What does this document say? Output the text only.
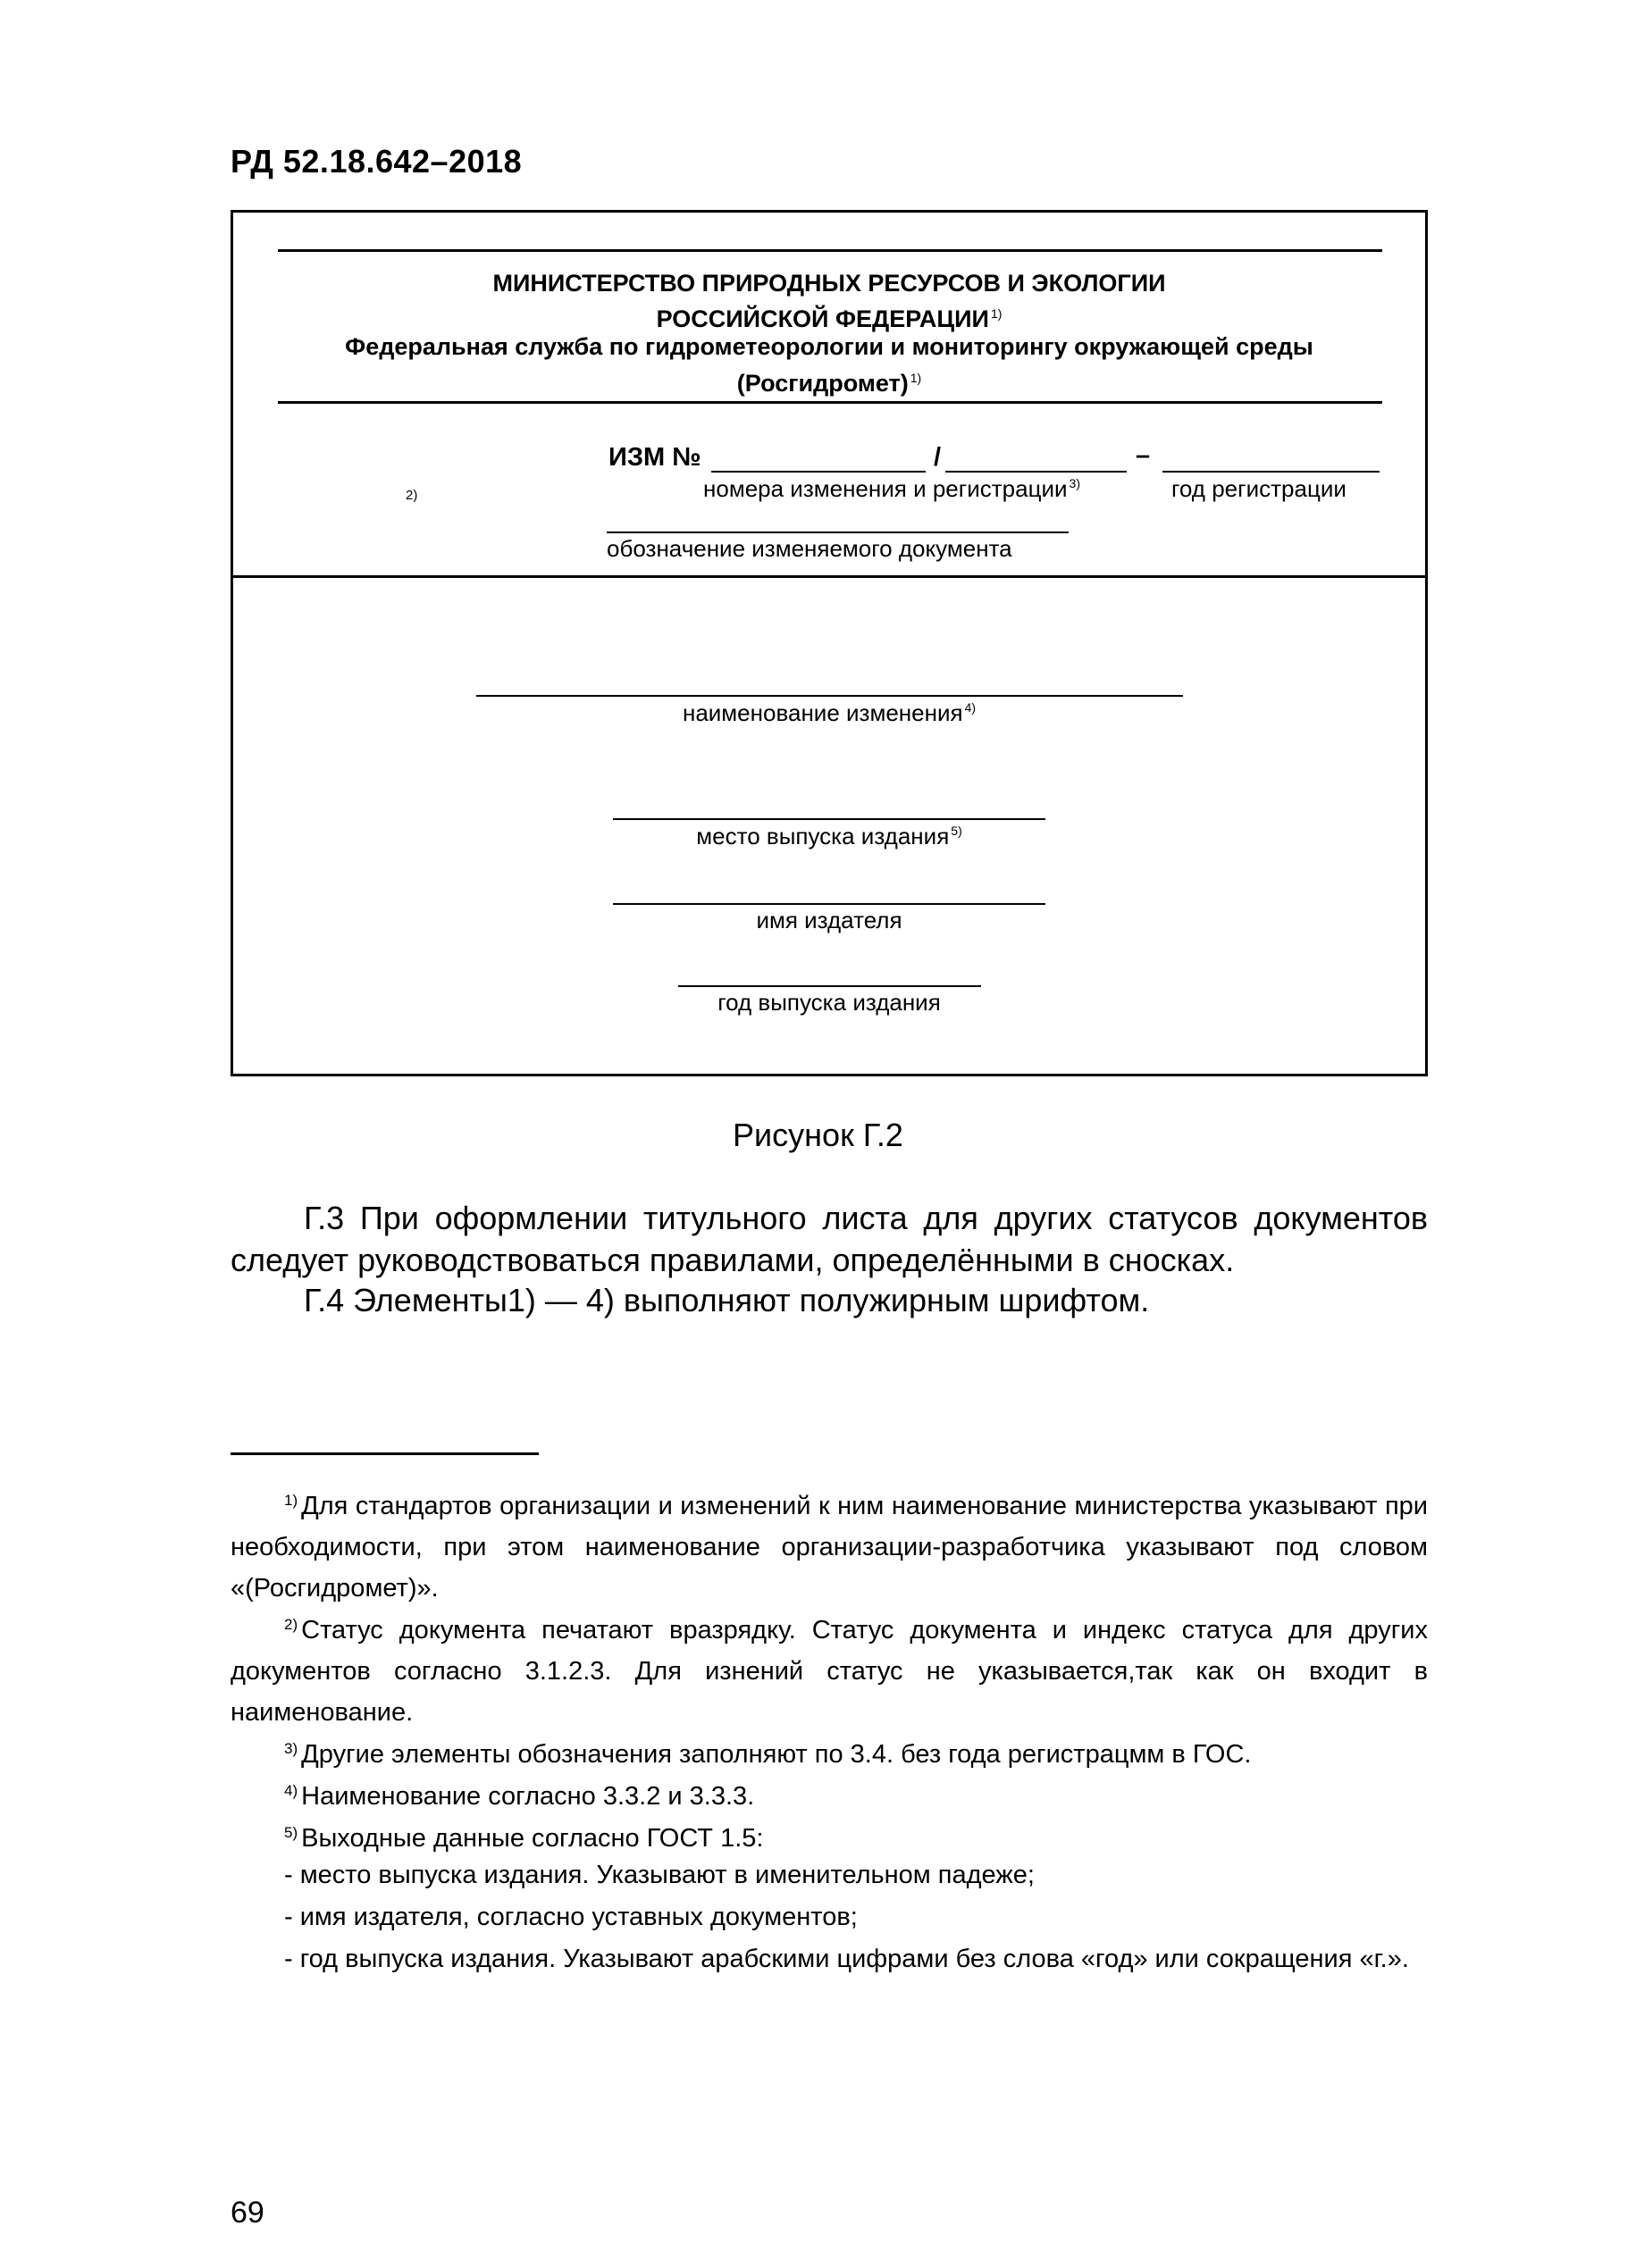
РД 52.18.642–2018
МИНИСТЕРСТВО ПРИРОДНЫХ РЕСУРСОВ И ЭКОЛОГИИ
РОССИЙСКОЙ ФЕДЕРАЦИИ $^{1)}$
Федеральная служба по гидрометеорологии и мониторингу окружающей среды
(Росгидромет) $^{1)}$
2)
ИЗМ №	/	–
номера изменения и регистрации $^{3)}$	год регистрации
обозначение изменяемого документа
наименование изменения $^{4)}$
место выпуска издания $^{5)}$
имя издателя
год выпуска издания
Рисунок Г.2
Г.3 При оформлении титульного листа для других статусов документов следует руководствоваться правилами, определёнными в сносках.
Г.4 Элементы1) — 4) выполняют полужирным шрифтом.
$^{1)}$ Для стандартов организации и изменений к ним наименование министерства указывают при необходимости, при этом наименование организации-разработчика указывают под словом «(Росгидромет)».
$^{2)}$ Статус документа печатают вразрядку. Статус документа и индекс статуса для других документов согласно 3.1.2.3. Для изнений статус не указывается,так как он входит в наименование.
$^{3)}$ Другие элементы обозначения заполняют по 3.4. без года регистрацмм в ГОС.
$^{4)}$ Наименование согласно 3.3.2 и 3.3.3.
$^{5)}$ Выходные данные согласно ГОСТ 1.5:
- место выпуска издания. Указывают в именительном падеже;
- имя издателя, согласно уставных документов;
- год выпуска издания. Указывают арабскими цифрами без слова «год» или сокращения «г.».
69
